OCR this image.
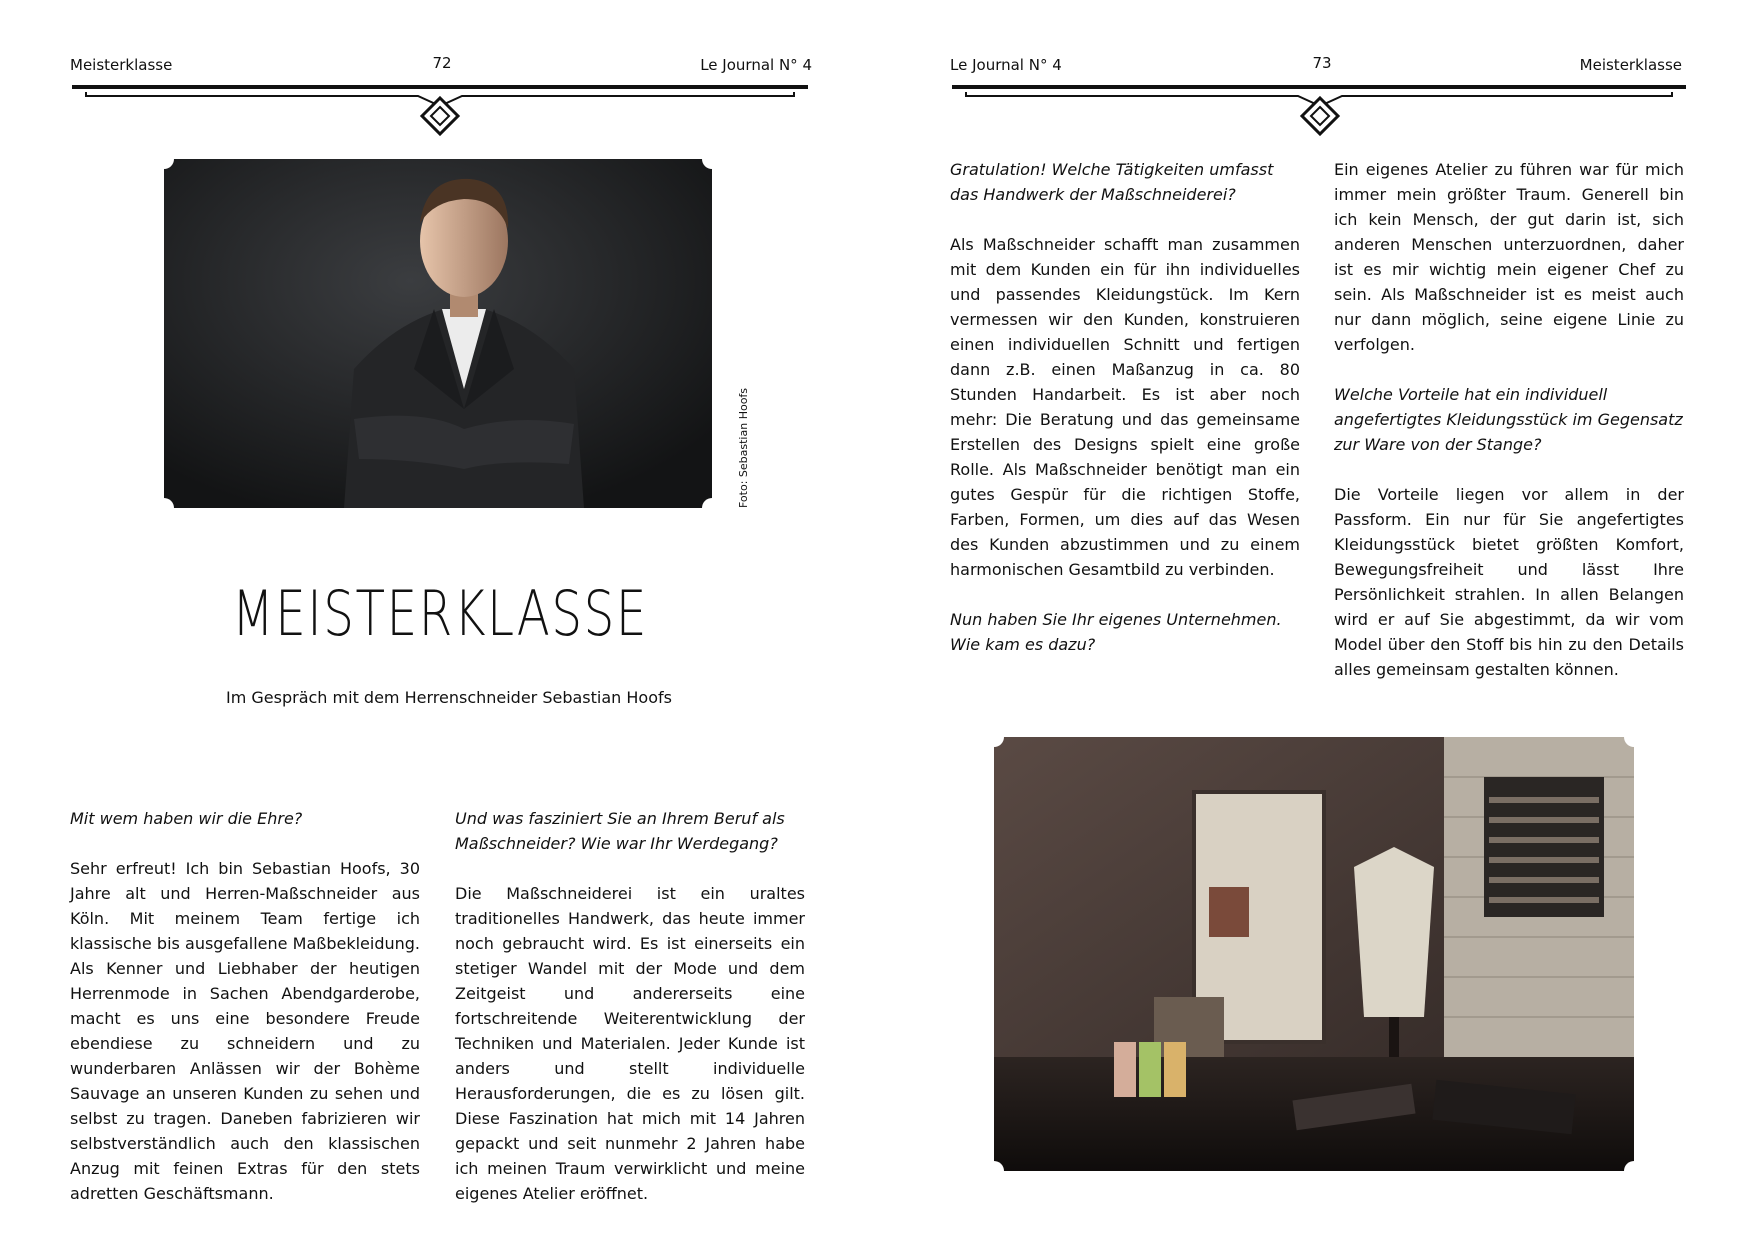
Meisterklasse	72	Le Journal N° 4
Foto: Sebastian Hoofs
MEISTERKLASSE
Im Gespräch mit dem Herrenschneider Sebastian Hoofs

Mit wem haben wir die Ehre?

Sehr erfreut! Ich bin Sebastian Hoofs, 30 Jahre alt und Herren-Maßschneider aus Köln. Mit meinem Team fertige ich klassische bis ausgefallene Maßbekleidung. Als Kenner und Liebhaber der heutigen Herrenmode in Sachen Abendgarderobe, macht es uns eine besondere Freude ebendiese zu schneidern und zu wunderbaren Anlässen wir der Bohème Sauvage an unseren Kunden zu sehen und selbst zu tragen. Daneben fabrizieren wir selbstverständlich auch den klassischen Anzug mit feinen Extras für den stets adretten Geschäftsmann.

Und was fasziniert Sie an Ihrem Beruf als Maßschneider? Wie war Ihr Werdegang?

Die Maßschneiderei ist ein uraltes traditionelles Handwerk, das heute immer noch gebraucht wird. Es ist einerseits ein stetiger Wandel mit der Mode und dem Zeitgeist und andererseits eine fortschreitende Weiterentwicklung der Techniken und Materialen. Jeder Kunde ist anders und stellt individuelle Herausforderungen, die es zu lösen gilt. Diese Faszination hat mich mit 14 Jahren gepackt und seit nunmehr 2 Jahren habe ich meinen Traum verwirklicht und meine eigenes Atelier eröffnet.

Le Journal N° 4	73	Meisterklasse

Gratulation! Welche Tätigkeiten umfasst das Handwerk der Maßschneiderei?

Als Maßschneider schafft man zusammen mit dem Kunden ein für ihn individuelles und passendes Kleidungstück. Im Kern vermessen wir den Kunden, konstruieren einen individuellen Schnitt und fertigen dann z.B. einen Maßanzug in ca. 80 Stunden Handarbeit. Es ist aber noch mehr: Die Beratung und das gemeinsame Erstellen des Designs spielt eine große Rolle. Als Maßschneider benötigt man ein gutes Gespür für die richtigen Stoffe, Farben, Formen, um dies auf das Wesen des Kunden abzustimmen und zu einem harmonischen Gesamtbild zu verbinden.

Nun haben Sie Ihr eigenes Unternehmen. Wie kam es dazu?

Ein eigenes Atelier zu führen war für mich immer mein größter Traum. Generell bin ich kein Mensch, der gut darin ist, sich anderen Menschen unterzuordnen, daher ist es mir wichtig mein eigener Chef zu sein. Als Maßschneider ist es meist auch nur dann möglich, seine eigene Linie zu verfolgen.

Welche Vorteile hat ein individuell angefertigtes Kleidungsstück im Gegensatz zur Ware von der Stange?

Die Vorteile liegen vor allem in der Passform. Ein nur für Sie angefertigtes Kleidungsstück bietet größten Komfort, Bewegungsfreiheit und lässt Ihre Persönlichkeit strahlen. In allen Belangen wird er auf Sie abgestimmt, da wir vom Model über den Stoff bis hin zu den Details alles gemeinsam gestalten können.
